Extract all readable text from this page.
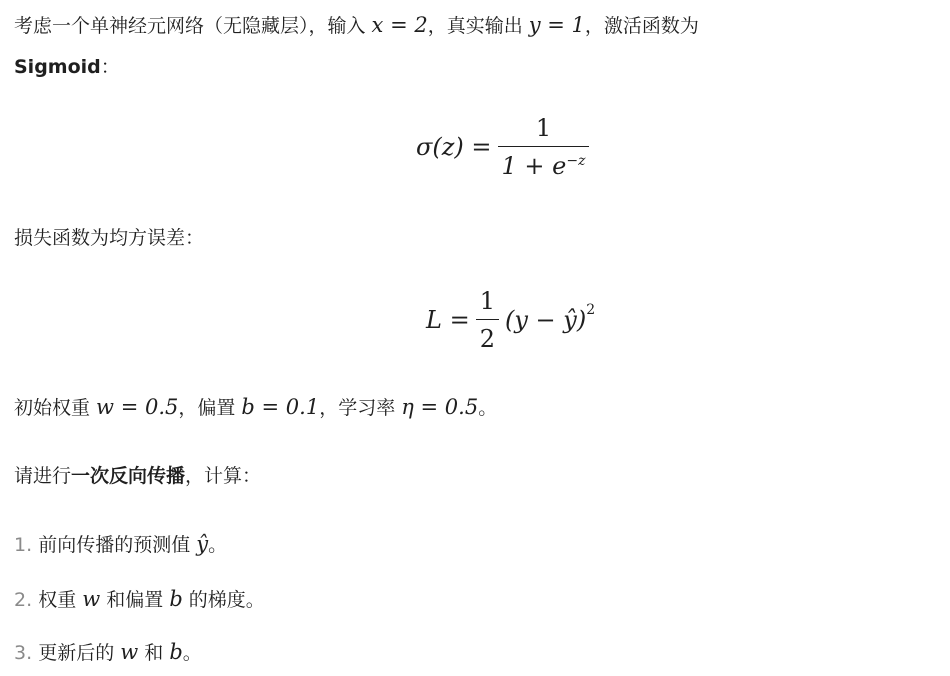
考虑一个单神经元网络（无隐藏层），输入 x = 2，真实输出 y = 1，激活函数为
Sigmoid：
$\sigma(z) = \frac{1}{1 + e^{-z}}$
损失函数为均方误差：
$L = \frac{1}{2} (y$ − ŷ)$^2$
初始权重 w = 0.5，偏置 b = 0.1，学习率 η = 0.5。
请进行一次反向传播，计算：
1. 前向传播的预测值 ŷ。
2. 权重 w 和偏置 b 的梯度。
3. 更新后的 w 和 b。
